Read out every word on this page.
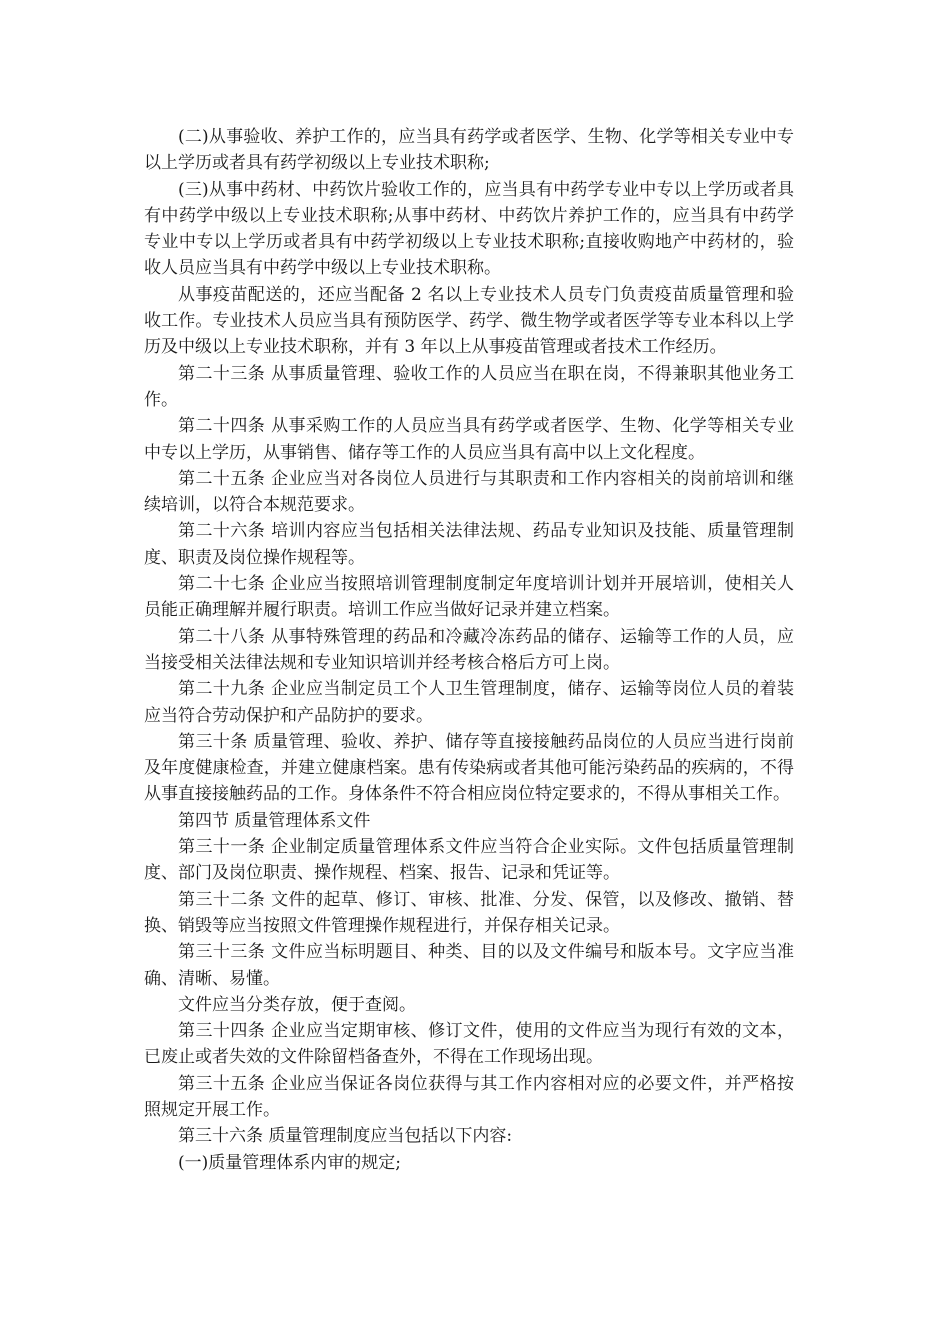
(二)从事验收、养护工作的，应当具有药学或者医学、生物、化学等相关专业中专以上学历或者具有药学初级以上专业技术职称;

(三)从事中药材、中药饮片验收工作的，应当具有中药学专业中专以上学历或者具有中药学中级以上专业技术职称;从事中药材、中药饮片养护工作的，应当具有中药学专业中专以上学历或者具有中药学初级以上专业技术职称;直接收购地产中药材的，验收人员应当具有中药学中级以上专业技术职称。

从事疫苗配送的，还应当配备 2 名以上专业技术人员专门负责疫苗质量管理和验收工作。专业技术人员应当具有预防医学、药学、微生物学或者医学等专业本科以上学历及中级以上专业技术职称，并有 3 年以上从事疫苗管理或者技术工作经历。

第二十三条 从事质量管理、验收工作的人员应当在职在岗，不得兼职其他业务工作。

第二十四条 从事采购工作的人员应当具有药学或者医学、生物、化学等相关专业中专以上学历，从事销售、储存等工作的人员应当具有高中以上文化程度。

第二十五条 企业应当对各岗位人员进行与其职责和工作内容相关的岗前培训和继续培训，以符合本规范要求。

第二十六条 培训内容应当包括相关法律法规、药品专业知识及技能、质量管理制度、职责及岗位操作规程等。

第二十七条 企业应当按照培训管理制度制定年度培训计划并开展培训，使相关人员能正确理解并履行职责。培训工作应当做好记录并建立档案。

第二十八条 从事特殊管理的药品和冷藏冷冻药品的储存、运输等工作的人员，应当接受相关法律法规和专业知识培训并经考核合格后方可上岗。

第二十九条 企业应当制定员工个人卫生管理制度，储存、运输等岗位人员的着装应当符合劳动保护和产品防护的要求。

第三十条 质量管理、验收、养护、储存等直接接触药品岗位的人员应当进行岗前及年度健康检查，并建立健康档案。患有传染病或者其他可能污染药品的疾病的，不得从事直接接触药品的工作。身体条件不符合相应岗位特定要求的，不得从事相关工作。

第四节 质量管理体系文件

第三十一条 企业制定质量管理体系文件应当符合企业实际。文件包括质量管理制度、部门及岗位职责、操作规程、档案、报告、记录和凭证等。

第三十二条 文件的起草、修订、审核、批准、分发、保管，以及修改、撤销、替换、销毁等应当按照文件管理操作规程进行，并保存相关记录。

第三十三条 文件应当标明题目、种类、目的以及文件编号和版本号。文字应当准确、清晰、易懂。

文件应当分类存放，便于查阅。

第三十四条 企业应当定期审核、修订文件，使用的文件应当为现行有效的文本，已废止或者失效的文件除留档备查外，不得在工作现场出现。

第三十五条 企业应当保证各岗位获得与其工作内容相对应的必要文件，并严格按照规定开展工作。

第三十六条 质量管理制度应当包括以下内容:

(一)质量管理体系内审的规定;
